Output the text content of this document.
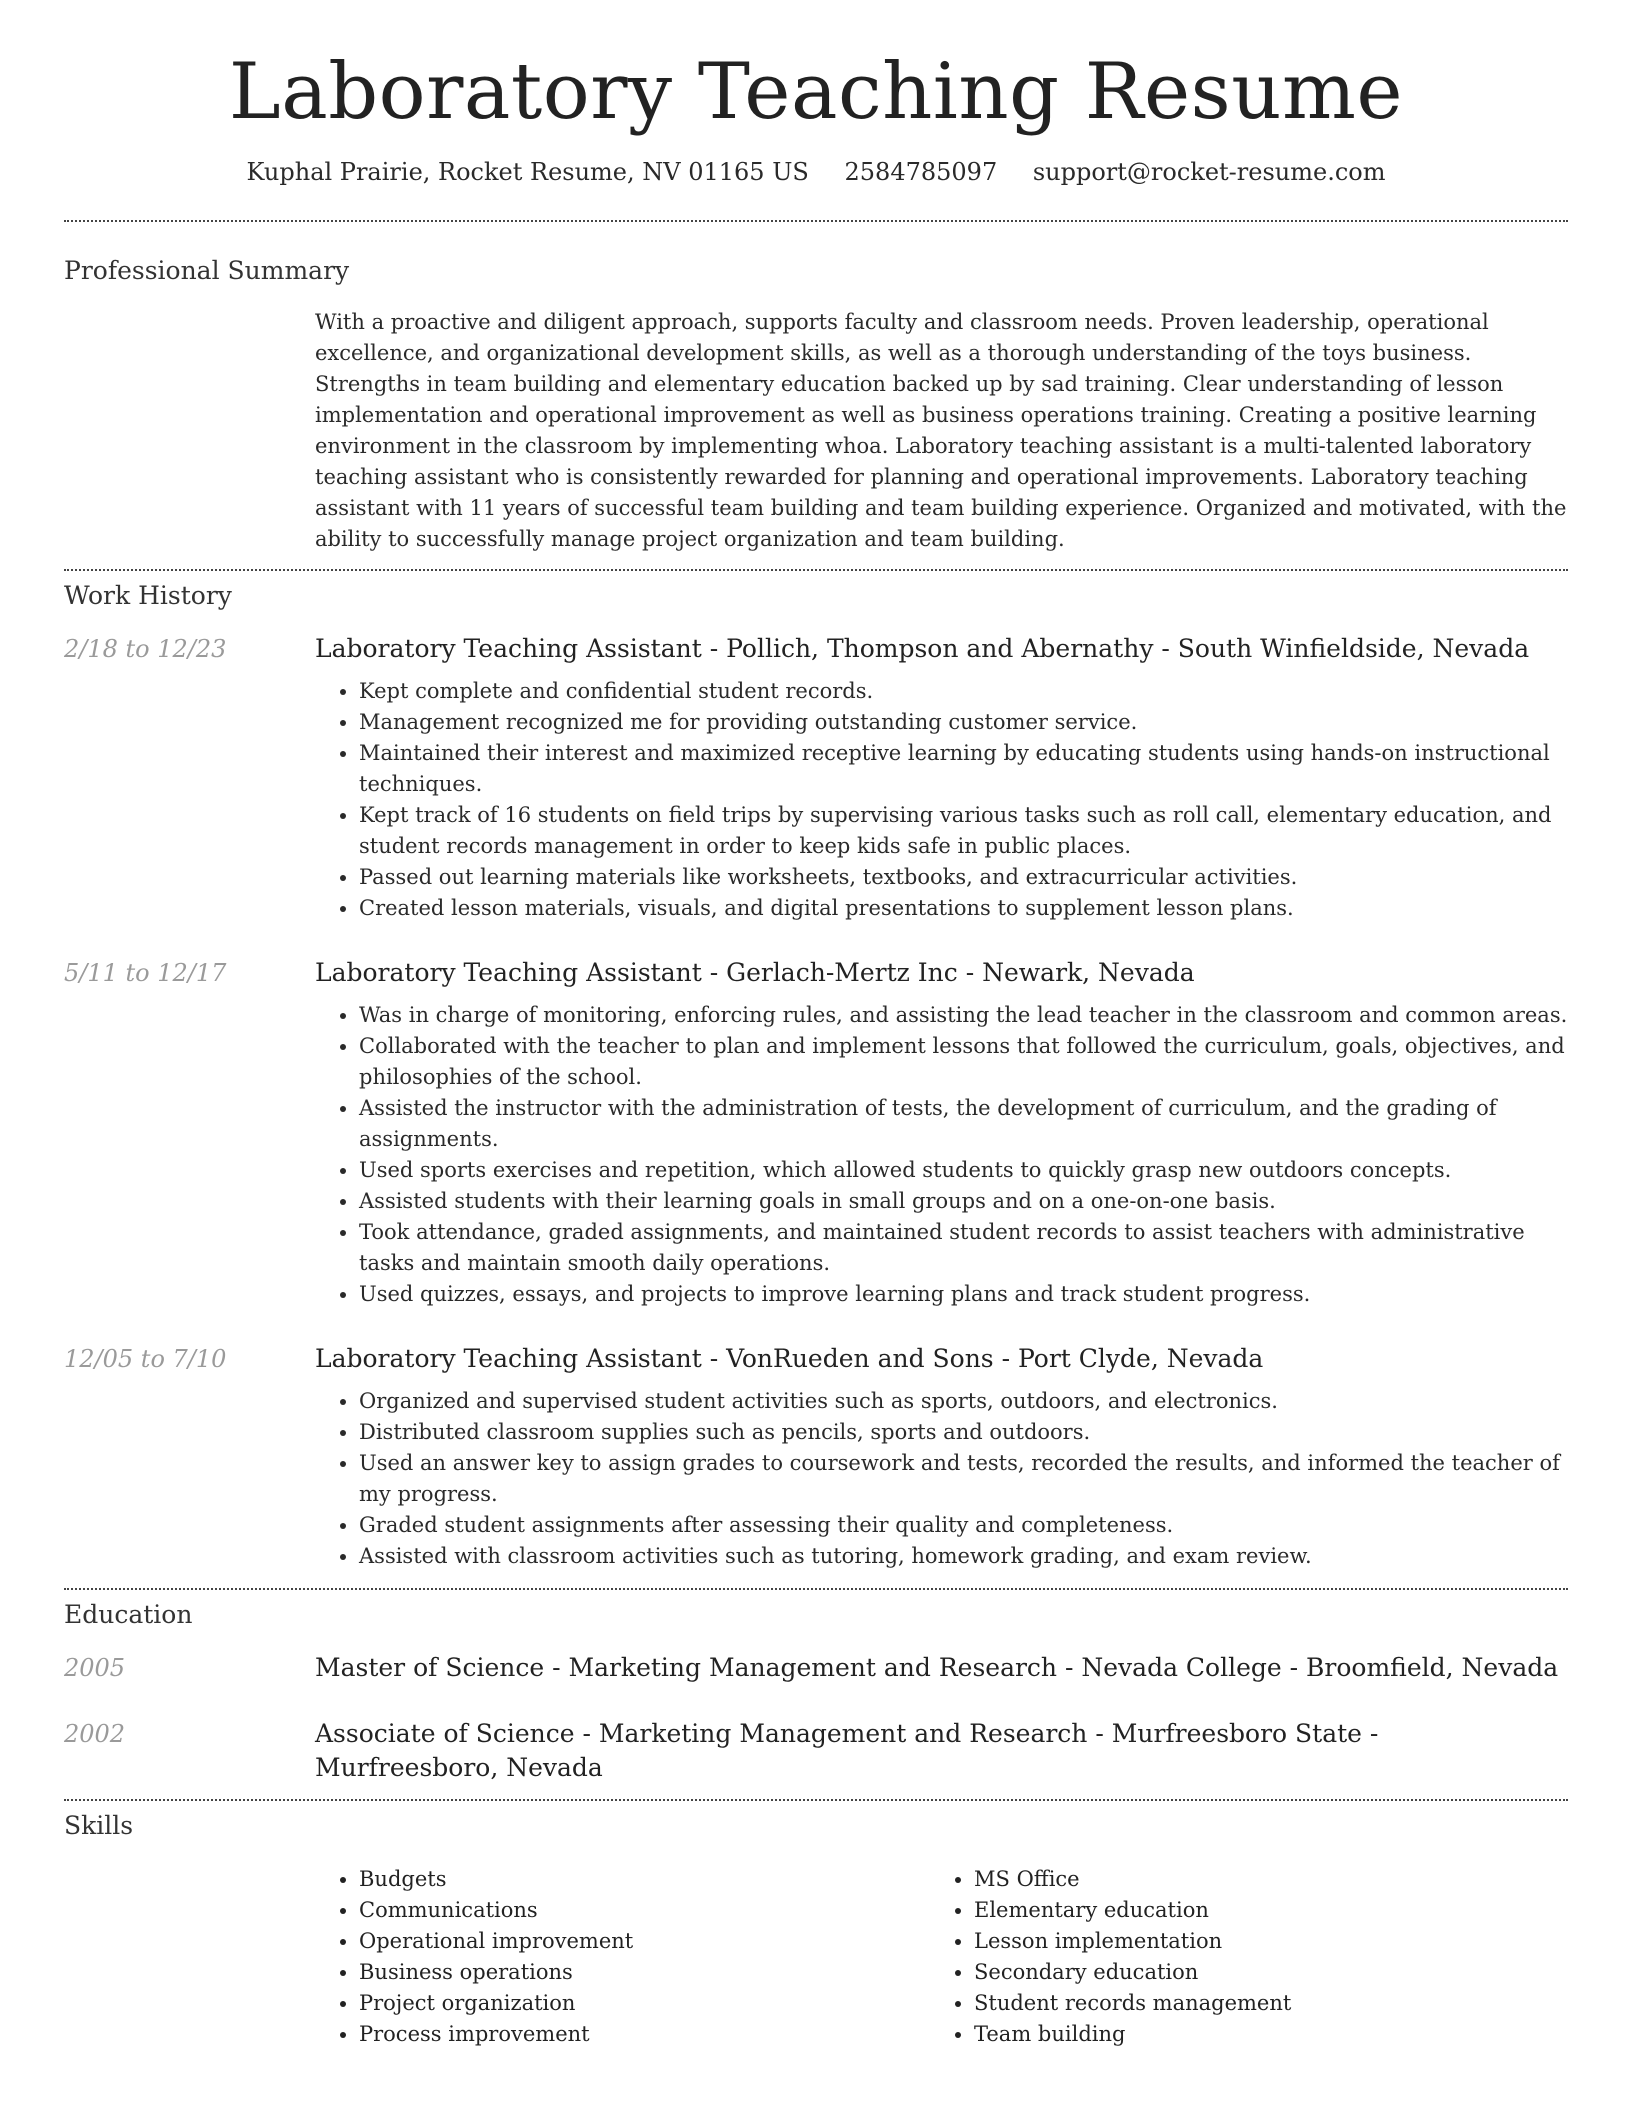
Laboratory Teaching Resume
Kuphal Prairie, Rocket Resume, NV 01165 US 2584785097 support@rocket-resume.com
Professional Summary

With a proactive and diligent approach, supports faculty and classroom needs. Proven leadership, operational excellence, and organizational development skills, as well as a thorough understanding of the toys business. Strengths in team building and elementary education backed up by sad training. Clear understanding of lesson implementation and operational improvement as well as business operations training. Creating a positive learning environment in the classroom by implementing whoa. Laboratory teaching assistant is a multi-talented laboratory teaching assistant who is consistently rewarded for planning and operational improvements. Laboratory teaching assistant with 11 years of successful team building and team building experience. Organized and motivated, with the ability to successfully manage project organization and team building.

Work History
2/18 to 12/23	Laboratory Teaching Assistant - Pollich, Thompson and Abernathy - South Winfieldside, Nevada
• Kept complete and confidential student records.
• Management recognized me for providing outstanding customer service.
• Maintained their interest and maximized receptive learning by educating students using hands-on instructional techniques.
• Kept track of 16 students on field trips by supervising various tasks such as roll call, elementary education, and student records management in order to keep kids safe in public places.
• Passed out learning materials like worksheets, textbooks, and extracurricular activities.
• Created lesson materials, visuals, and digital presentations to supplement lesson plans.
5/11 to 12/17	Laboratory Teaching Assistant - Gerlach-Mertz Inc - Newark, Nevada
• Was in charge of monitoring, enforcing rules, and assisting the lead teacher in the classroom and common areas.
• Collaborated with the teacher to plan and implement lessons that followed the curriculum, goals, objectives, and philosophies of the school.
• Assisted the instructor with the administration of tests, the development of curriculum, and the grading of assignments.
• Used sports exercises and repetition, which allowed students to quickly grasp new outdoors concepts.
• Assisted students with their learning goals in small groups and on a one-on-one basis.
• Took attendance, graded assignments, and maintained student records to assist teachers with administrative tasks and maintain smooth daily operations.
• Used quizzes, essays, and projects to improve learning plans and track student progress.
12/05 to 7/10	Laboratory Teaching Assistant - VonRueden and Sons - Port Clyde, Nevada
• Organized and supervised student activities such as sports, outdoors, and electronics.
• Distributed classroom supplies such as pencils, sports and outdoors.
• Used an answer key to assign grades to coursework and tests, recorded the results, and informed the teacher of my progress.
• Graded student assignments after assessing their quality and completeness.
• Assisted with classroom activities such as tutoring, homework grading, and exam review.
Education
2005	Master of Science - Marketing Management and Research - Nevada College - Broomfield, Nevada
2002	Associate of Science - Marketing Management and Research - Murfreesboro State - Murfreesboro, Nevada
Skills
• Budgets
• Communications
• Operational improvement
• Business operations
• Project organization
• Process improvement
• MS Office
• Elementary education
• Lesson implementation
• Secondary education
• Student records management
• Team building
